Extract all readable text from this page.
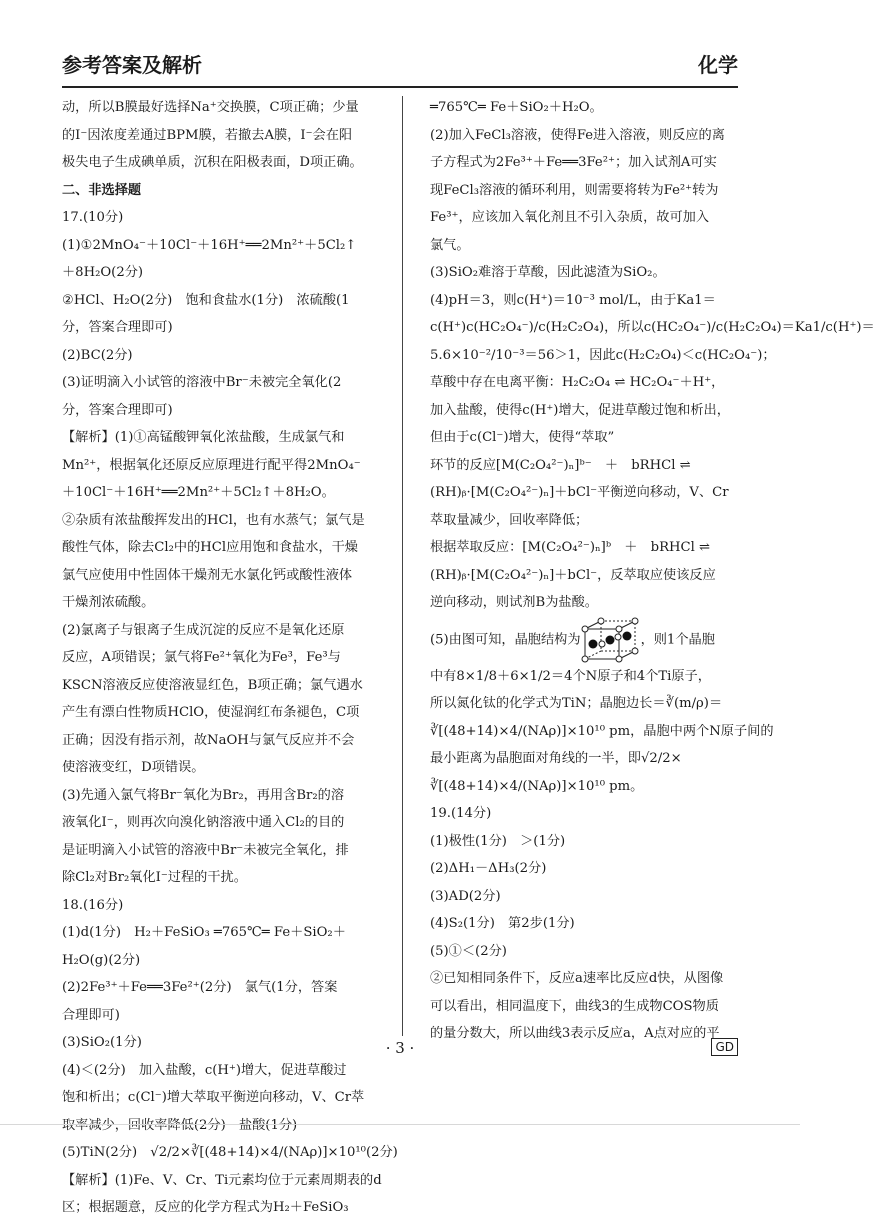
参考答案及解析	化学
动，所以B膜最好选择Na⁺交换膜，C项正确；少量
的I⁻因浓度差通过BPM膜，若撤去A膜，I⁻会在阳
极失电子生成碘单质，沉积在阳极表面，D项正确。
二、非选择题
17.(10分)
(1)①2MnO₄⁻＋10Cl⁻＋16H⁺══2Mn²⁺＋5Cl₂↑
＋8H₂O(2分)
②HCl、H₂O(2分)　饱和食盐水(1分)　浓硫酸(1
分，答案合理即可)
(2)BC(2分)
(3)证明滴入小试管的溶液中Br⁻未被完全氧化(2
分，答案合理即可)
【解析】(1)①高锰酸钾氧化浓盐酸，生成氯气和
Mn²⁺，根据氧化还原反应原理进行配平得2MnO₄⁻
＋10Cl⁻＋16H⁺══2Mn²⁺＋5Cl₂↑＋8H₂O。
②杂质有浓盐酸挥发出的HCl，也有水蒸气；氯气是
酸性气体，除去Cl₂中的HCl应用饱和食盐水，干燥
氯气应使用中性固体干燥剂无水氯化钙或酸性液体
干燥剂浓硫酸。
(2)氯离子与银离子生成沉淀的反应不是氧化还原
反应，A项错误；氯气将Fe²⁺氧化为Fe³，Fe³与
KSCN溶液反应使溶液显红色，B项正确；氯气遇水
产生有漂白性物质HClO，使湿润红布条褪色，C项
正确；因没有指示剂，故NaOH与氯气反应并不会
使溶液变红，D项错误。
(3)先通入氯气将Br⁻氧化为Br₂，再用含Br₂的溶
液氧化I⁻，则再次向溴化钠溶液中通入Cl₂的目的
是证明滴入小试管的溶液中Br⁻未被完全氧化，排
除Cl₂对Br₂氧化I⁻过程的干扰。
18.(16分)
(1)d(1分)　H₂＋FeSiO₃ ═765℃═ Fe＋SiO₂＋
H₂O(g)(2分)
(2)2Fe³⁺＋Fe══3Fe²⁺(2分)　氯气(1分，答案
合理即可)
(3)SiO₂(1分)
(4)＜(2分)　加入盐酸，c(H⁺)增大，促进草酸过
饱和析出；c(Cl⁻)增大萃取平衡逆向移动，V、Cr萃
取率减少，回收率降低(2分)　盐酸(1分)
(5)TiN(2分)　√2/2×∛[(48+14)×4/(NAρ)]×10¹⁰(2分)
【解析】(1)Fe、V、Cr、Ti元素均位于元素周期表的d
区；根据题意，反应的化学方程式为H₂＋FeSiO₃
═765℃═ Fe＋SiO₂＋H₂O。
(2)加入FeCl₃溶液，使得Fe进入溶液，则反应的离
子方程式为2Fe³⁺＋Fe══3Fe²⁺；加入试剂A可实
现FeCl₃溶液的循环利用，则需要将转为Fe²⁺转为
Fe³⁺，应该加入氧化剂且不引入杂质，故可加入
氯气。
(3)SiO₂难溶于草酸，因此滤渣为SiO₂。
(4)pH＝3，则c(H⁺)＝10⁻³ mol/L，由于Ka1＝
c(H⁺)c(HC₂O₄⁻)/c(H₂C₂O₄)，所以c(HC₂O₄⁻)/c(H₂C₂O₄)＝Ka1/c(H⁺)＝
5.6×10⁻²/10⁻³＝56＞1，因此c(H₂C₂O₄)＜c(HC₂O₄⁻)；
草酸中存在电离平衡：H₂C₂O₄ ⇌ HC₂O₄⁻＋H⁺，
加入盐酸，使得c(H⁺)增大，促进草酸过饱和析出，
但由于c(Cl⁻)增大，使得“萃取”
环节的反应[M(C₂O₄²⁻)ₙ]ᵇ⁻　＋　bRHCl ⇌
(RH)ᵦ·[M(C₂O₄²⁻)ₙ]＋bCl⁻平衡逆向移动，V、Cr
萃取量减少，回收率降低；
根据萃取反应：[M(C₂O₄²⁻)ₙ]ᵇ　＋　bRHCl ⇌
(RH)ᵦ·[M(C₂O₄²⁻)ₙ]＋bCl⁻，反萃取应使该反应
逆向移动，则试剂B为盐酸。
(5)由图可知，晶胞结构为	，则1个晶胞
中有8×1/8＋6×1/2＝4个N原子和4个Ti原子，
所以氮化钛的化学式为TiN；晶胞边长＝∛(m/ρ)＝
∛[(48+14)×4/(NAρ)]×10¹⁰ pm，晶胞中两个N原子间的
最小距离为晶胞面对角线的一半，即√2/2×
∛[(48+14)×4/(NAρ)]×10¹⁰ pm。
19.(14分)
(1)极性(1分)　＞(1分)
(2)ΔH₁－ΔH₃(2分)
(3)AD(2分)
(4)S₂(1分)　第2步(1分)
(5)①＜(2分)
②已知相同条件下，反应a速率比反应d快，从图像
可以看出，相同温度下，曲线3的生成物COS物质
的量分数大，所以曲线3表示反应a，A点对应的平
· 3 ·	GD
